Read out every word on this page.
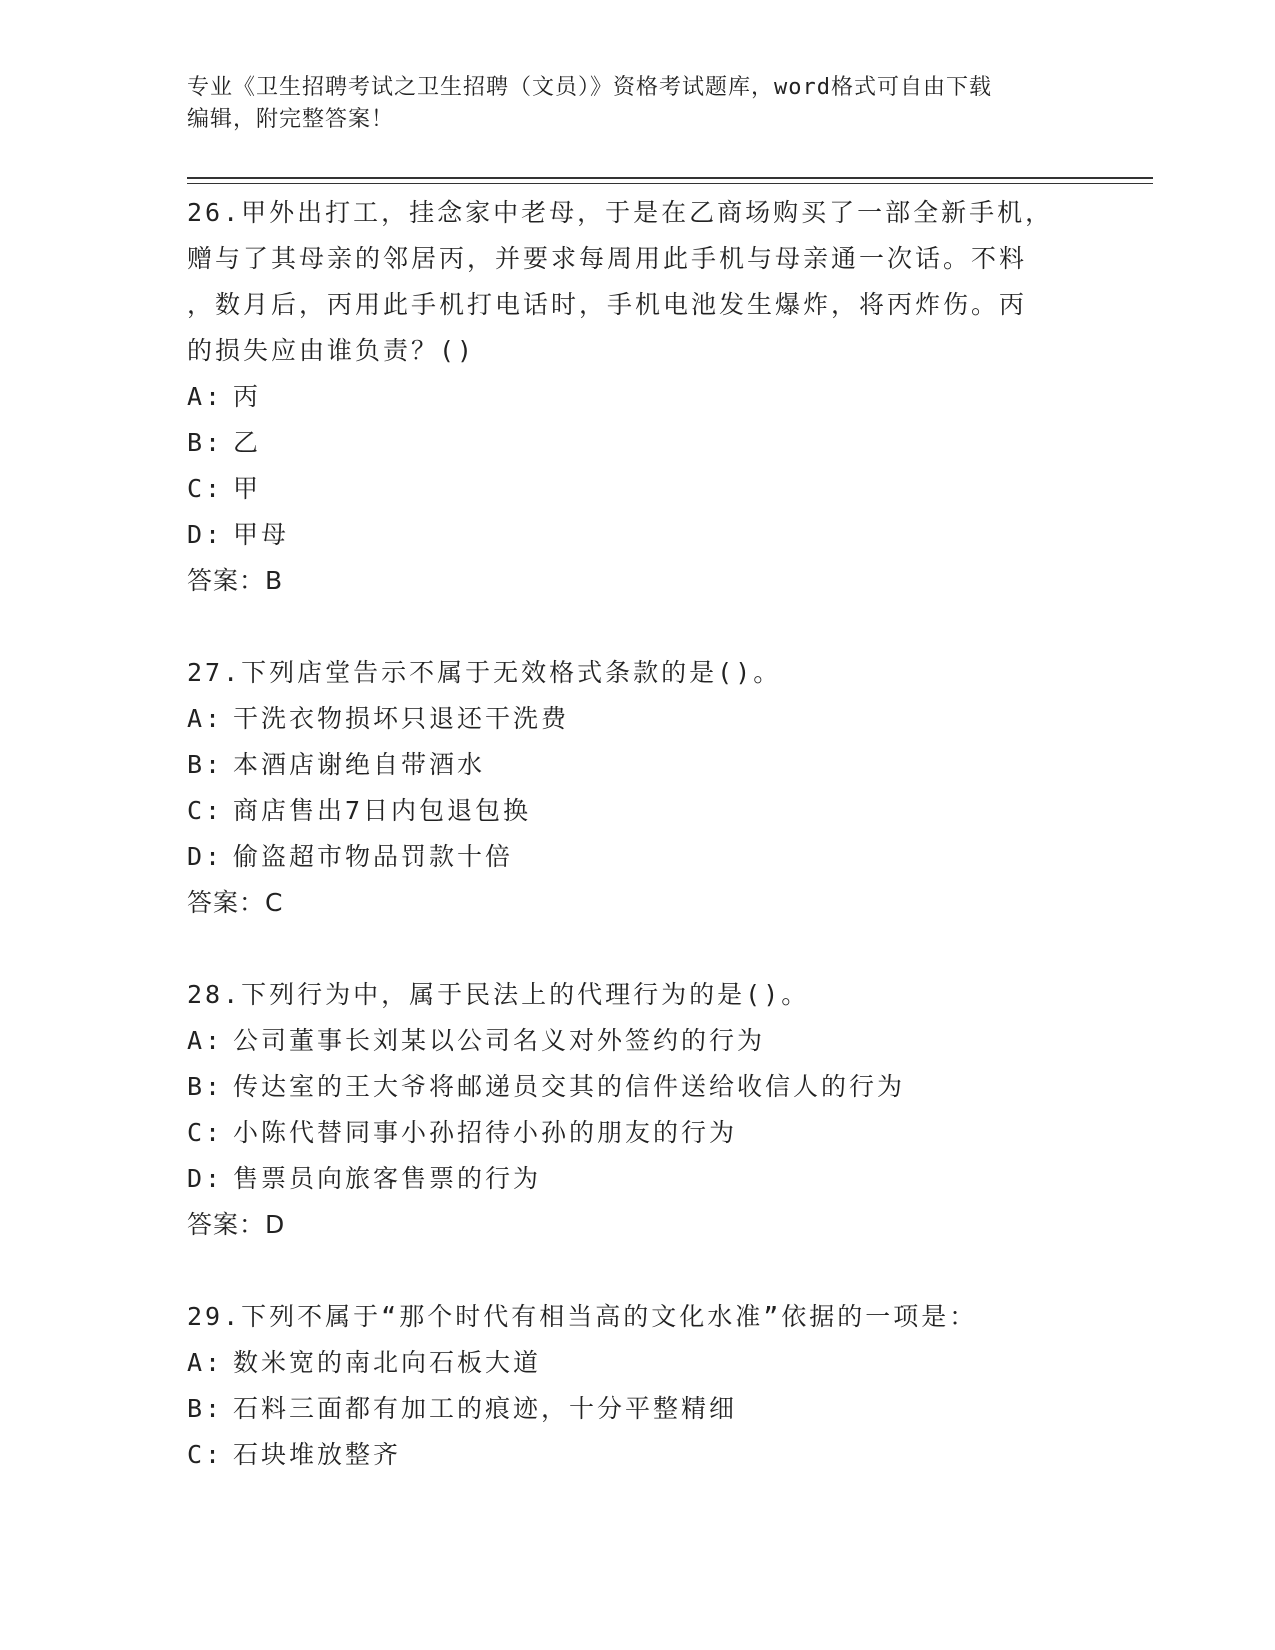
专业《卫生招聘考试之卫生招聘（文员）》资格考试题库，word格式可自由下载
编辑，附完整答案！

26.甲外出打工，挂念家中老母，于是在乙商场购买了一部全新手机，

赠与了其母亲的邻居丙，并要求每周用此手机与母亲通一次话。不料

，数月后，丙用此手机打电话时，手机电池发生爆炸，将丙炸伤。丙

的损失应由谁负责？()

A: 丙

B: 乙

C: 甲

D: 甲母

答案：B

27.下列店堂告示不属于无效格式条款的是()。

A: 干洗衣物损坏只退还干洗费

B: 本酒店谢绝自带酒水

C: 商店售出7日内包退包换

D: 偷盗超市物品罚款十倍

答案：C

28.下列行为中，属于民法上的代理行为的是()。

A: 公司董事长刘某以公司名义对外签约的行为

B: 传达室的王大爷将邮递员交其的信件送给收信人的行为

C: 小陈代替同事小孙招待小孙的朋友的行为

D: 售票员向旅客售票的行为

答案：D

29.下列不属于“那个时代有相当高的文化水准”依据的一项是：

A: 数米宽的南北向石板大道

B: 石料三面都有加工的痕迹，十分平整精细

C: 石块堆放整齐
